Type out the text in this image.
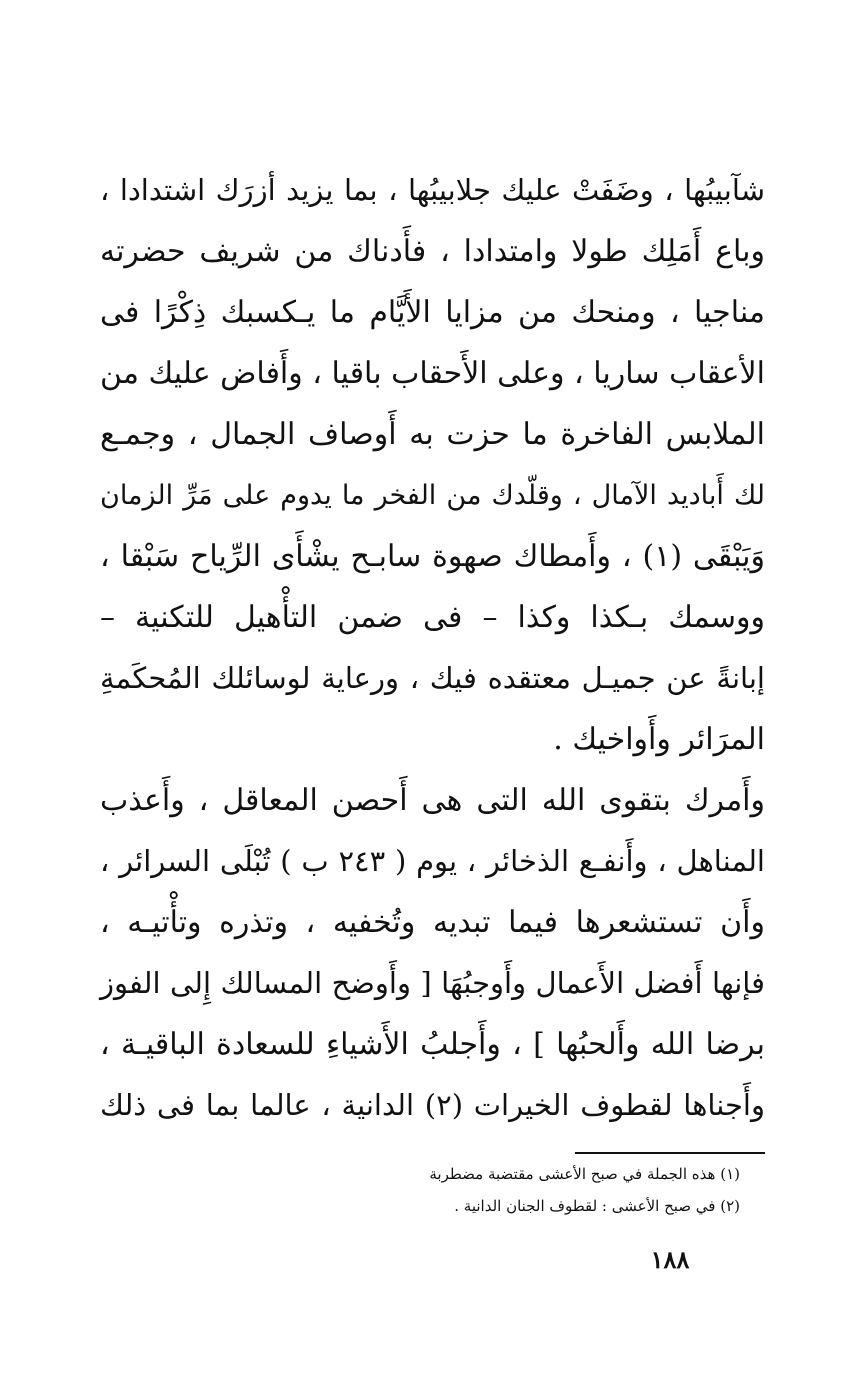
شآبيبُها ، وضَفَتْ عليك جلابيبُها ، بما يزيد أزرَك اشتدادا ،
وباع أَمَلِك طولا وامتدادا ، فأَدناك من شريف حضرته
مناجيا ، ومنحك من مزايا الأَيَّام ما يـكسبك ذِكْرًا فى
الأعقاب ساريا ، وعلى الأَحقاب باقيا ، وأَفاض عليك من
الملابس الفاخرة ما حزت به أَوصاف الجمال ، وجمـع
لك أَباديد الآمال ، وقلّدك من الفخر ما يدوم على مَرِّ الزمان
وَيَبْقَى (١) ، وأَمطاك صهوة سابـح يشْأَى الرِّياح سَبْقا ،
ووسمك بـكذا وكذا – فى ضمن التأْهيل للتكنية –
إبانةً عن جميـل معتقده فيك ، ورعاية لوسائلك المُحكَمةِ
المرَائر وأَواخيك .
وأَمرك بتقوى الله التى هى أَحصن المعاقل ، وأَعذب
المناهل ، وأَنفـع الذخائر ، يوم ( ٢٤٣ ب ) تُبْلَى السرائر ،
وأَن تستشعرها فيما تبديه وتُخفيه ، وتذره وتأْتيـه ،
فإنها أَفضل الأَعمال وأَوجبُهَا [ وأَوضح المسالك إِلى الفوز
برضا الله وأَلحبُها ] ، وأَجلبُ الأَشياءِ للسعادة الباقيـة ،
وأَجناها لقطوف الخيرات (٢) الدانية ، عالما بما فى ذلك
(١) هذه الجملة في صبح الأعشى مقتضبة مضطربة
(٢) في صبح الأعشى : لقطوف الجنان الدانية .
١٨٨
